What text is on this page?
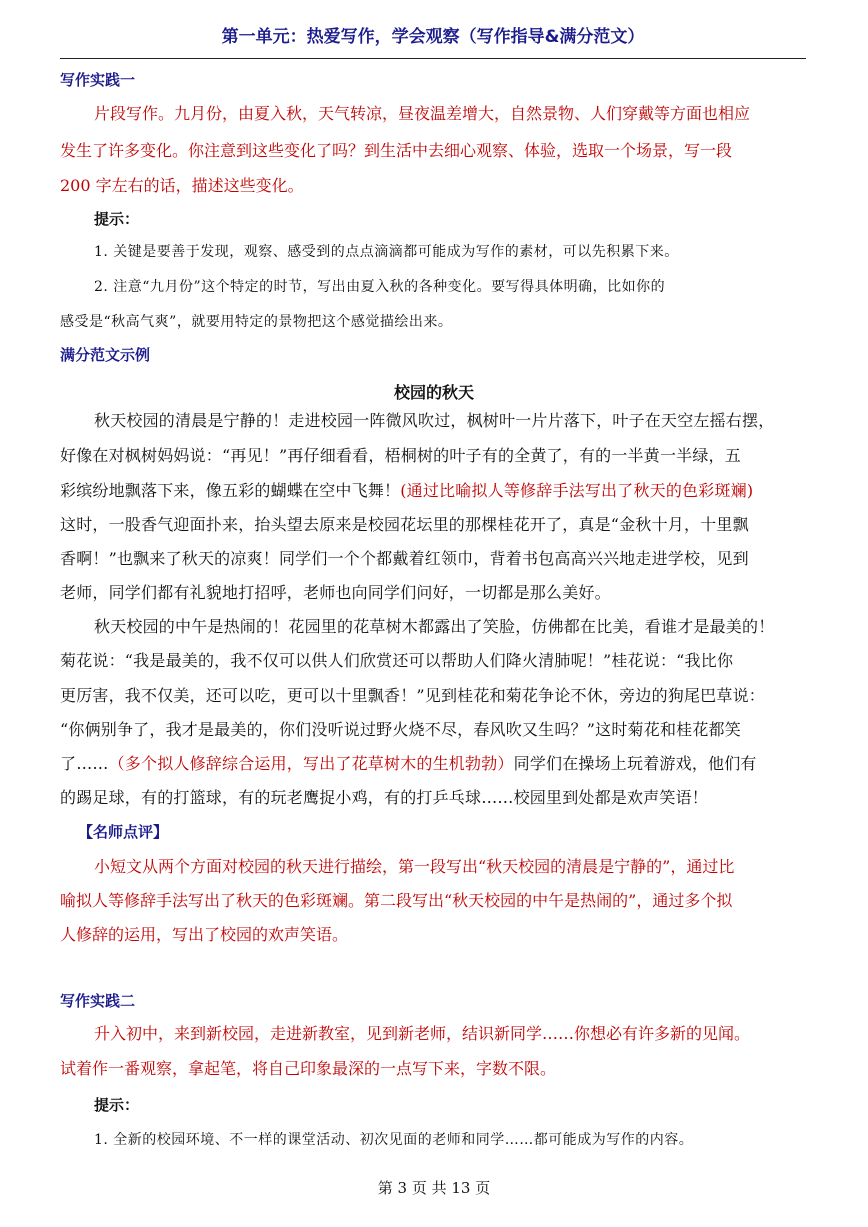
第一单元：热爱写作，学会观察（写作指导&满分范文）
写作实践一
片段写作。九月份，由夏入秋，天气转凉，昼夜温差增大，自然景物、人们穿戴等方面也相应
发生了许多变化。你注意到这些变化了吗？到生活中去细心观察、体验，选取一个场景，写一段
200 字左右的话，描述这些变化。
提示：
1. 关键是要善于发现，观察、感受到的点点滴滴都可能成为写作的素材，可以先积累下来。
2. 注意“九月份”这个特定的时节，写出由夏入秋的各种变化。要写得具体明确，比如你的
感受是“秋高气爽”，就要用特定的景物把这个感觉描绘出来。
满分范文示例
校园的秋天
秋天校园的清晨是宁静的！走进校园一阵微风吹过，枫树叶一片片落下，叶子在天空左摇右摆，
好像在对枫树妈妈说：“再见！”再仔细看看，梧桐树的叶子有的全黄了，有的一半黄一半绿，五
彩缤纷地飘落下来，像五彩的蝴蝶在空中飞舞！(通过比喻拟人等修辞手法写出了秋天的色彩斑斓)
这时，一股香气迎面扑来，抬头望去原来是校园花坛里的那棵桂花开了，真是“金秋十月，十里飘
香啊！”也飘来了秋天的凉爽！同学们一个个都戴着红领巾，背着书包高高兴兴地走进学校，见到
老师，同学们都有礼貌地打招呼，老师也向同学们问好，一切都是那么美好。
秋天校园的中午是热闹的！花园里的花草树木都露出了笑脸，仿佛都在比美，看谁才是最美的！
菊花说：“我是最美的，我不仅可以供人们欣赏还可以帮助人们降火清肺呢！”桂花说：“我比你
更厉害，我不仅美，还可以吃，更可以十里飘香！”见到桂花和菊花争论不休，旁边的狗尾巴草说：
“你俩别争了，我才是最美的，你们没听说过野火烧不尽，春风吹又生吗？”这时菊花和桂花都笑
了……（多个拟人修辞综合运用，写出了花草树木的生机勃勃）同学们在操场上玩着游戏，他们有
的踢足球，有的打篮球，有的玩老鹰捉小鸡，有的打乒乓球……校园里到处都是欢声笑语！
【名师点评】
小短文从两个方面对校园的秋天进行描绘，第一段写出“秋天校园的清晨是宁静的”，通过比
喻拟人等修辞手法写出了秋天的色彩斑斓。第二段写出“秋天校园的中午是热闹的”，通过多个拟
人修辞的运用，写出了校园的欢声笑语。
写作实践二
升入初中，来到新校园，走进新教室，见到新老师，结识新同学……你想必有许多新的见闻。
试着作一番观察，拿起笔，将自己印象最深的一点写下来，字数不限。
提示：
1. 全新的校园环境、不一样的课堂活动、初次见面的老师和同学……都可能成为写作的内容。
第 3 页 共 13 页
